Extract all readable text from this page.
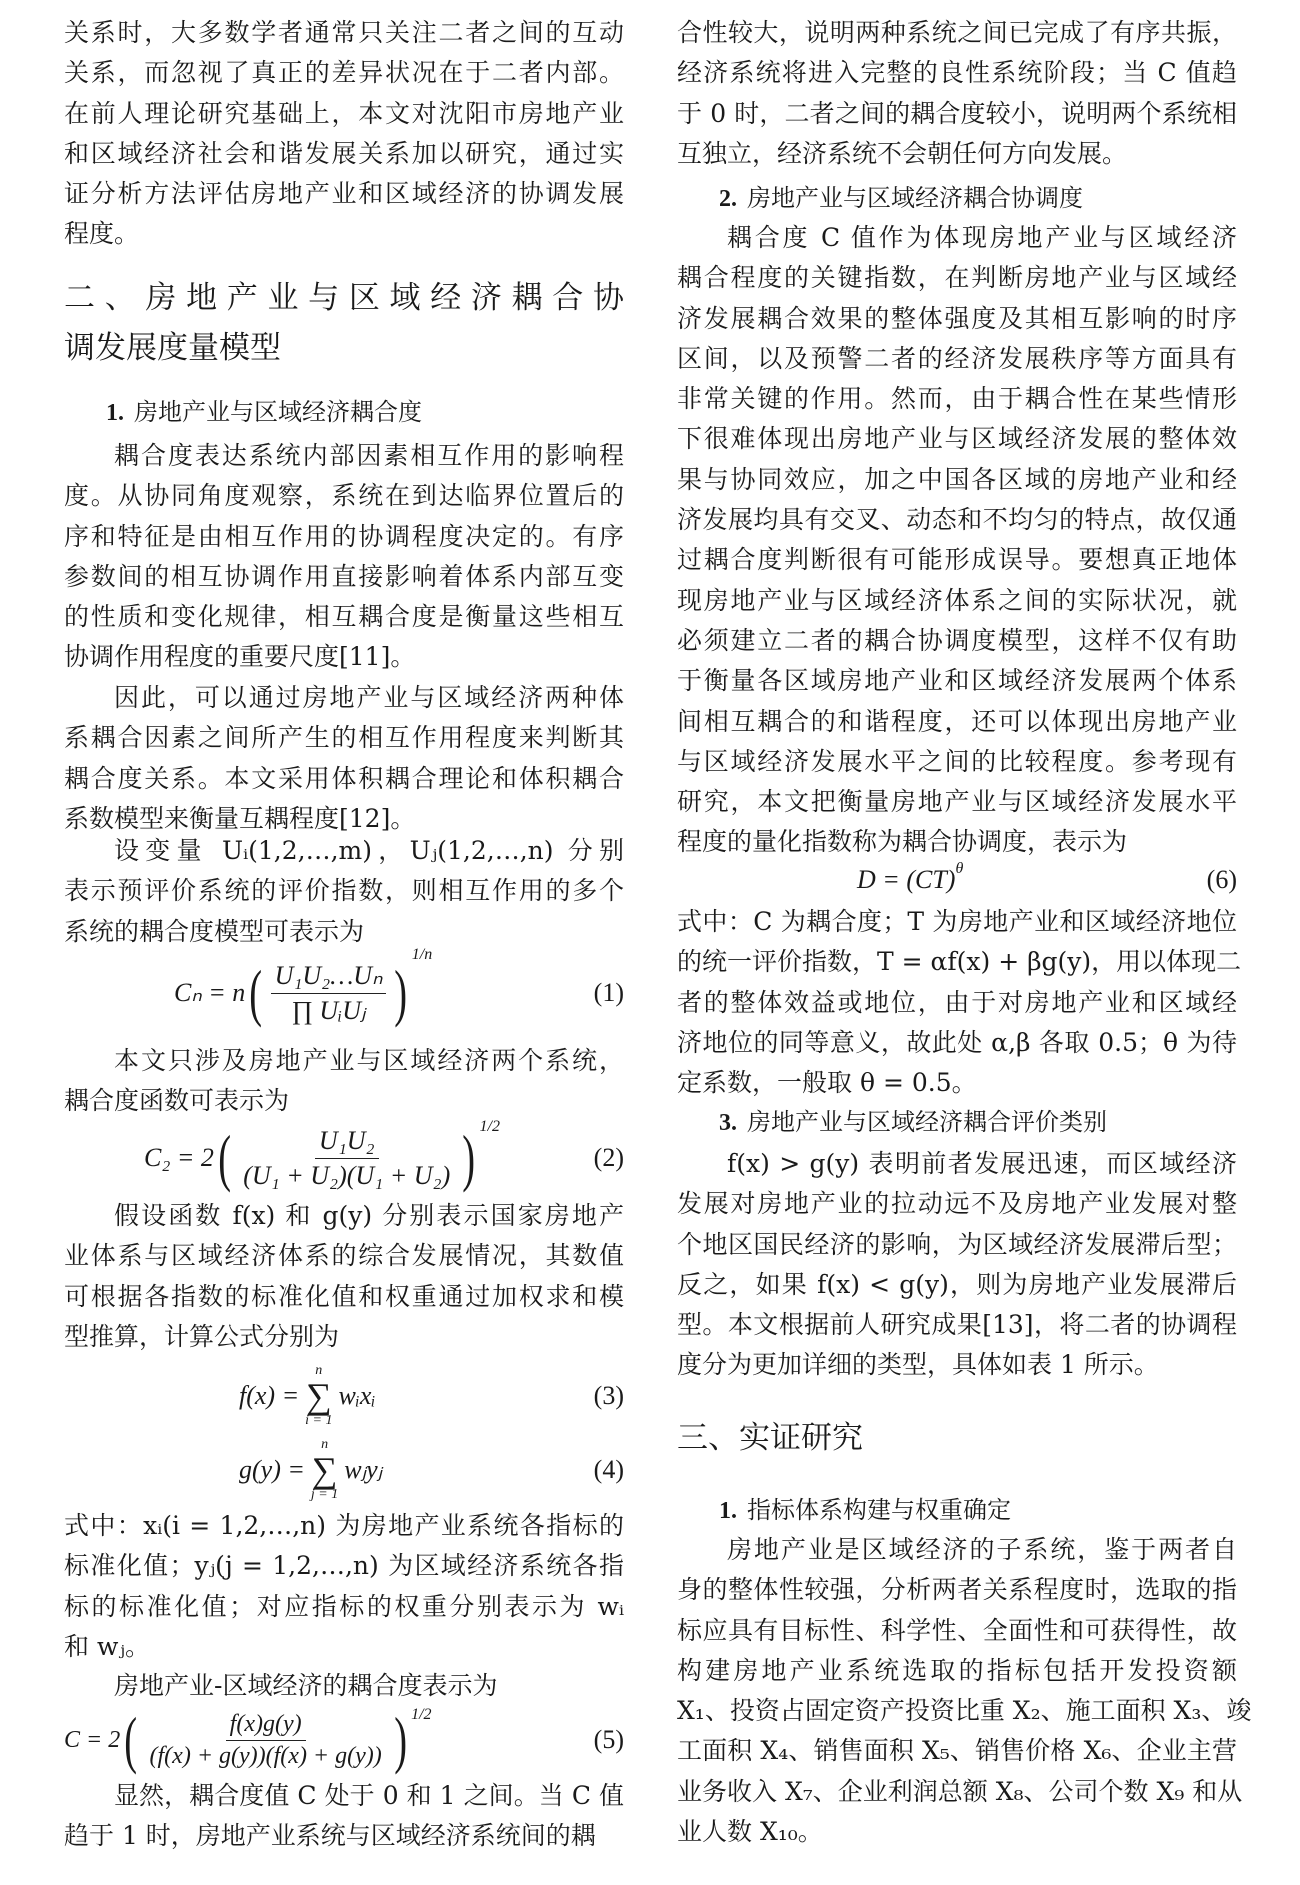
关系时，大多数学者通常只关注二者之间的互动
关系，而忽视了真正的差异状况在于二者内部。
在前人理论研究基础上，本文对沈阳市房地产业
和区域经济社会和谐发展关系加以研究，通过实
证分析方法评估房地产业和区域经济的协调发展
程度。
二、房地产业与区域经济耦合协
调发展度量模型
1. 房地产业与区域经济耦合度
耦合度表达系统内部因素相互作用的影响程
度。从协同角度观察，系统在到达临界位置后的
序和特征是由相互作用的协调程度决定的。有序
参数间的相互协调作用直接影响着体系内部互变
的性质和变化规律，相互耦合度是衡量这些相互
协调作用程度的重要尺度[11]。
因此，可以通过房地产业与区域经济两种体
系耦合因素之间所产生的相互作用程度来判断其
耦合度关系。本文采用体积耦合理论和体积耦合
系数模型来衡量互耦程度[12]。
设变量 Uᵢ(1,2,…,m)，Uⱼ(1,2,…,n) 分别
表示预评价系统的评价指数，则相互作用的多个
系统的耦合度模型可表示为
Cₙ = n ( $\frac{\text{U₁U₂…Uₙ}}{\text{∏ UᵢUⱼ}}$ )
1/n
(1)
本文只涉及房地产业与区域经济两个系统，
耦合度函数可表示为
C₂ = 2 ( $\frac{\text{U₁U₂}}{\text{(U₁ + U₂)(U₁ + U₂)}}$ ) 1/2
(2)
假设函数 f(x) 和 g(y) 分别表示国家房地产
业体系与区域经济体系的综合发展情况，其数值
可根据各指数的标准化值和权重通过加权求和模
型推算，计算公式分别为
f(x) =
n
∑
i = 1
wᵢxᵢ	(3)
g(y) =
n
∑
j = 1
wⱼyⱼ	(4)
式中：xᵢ(i = 1,2,…,n) 为房地产业系统各指标的
标准化值；yⱼ(j = 1,2,…,n) 为区域经济系统各指
标的标准化值；对应指标的权重分别表示为 wᵢ
和 wⱼ。
房地产业-区域经济的耦合度表示为
C = 2 ( $\frac{f(x)g(y)}{(f(x) + g(y))(f(x) + g(y))}$ ) 1/2
(5)
显然，耦合度值 C 处于 0 和 1 之间。当 C 值
趋于 1 时，房地产业系统与区域经济系统间的耦
合性较大，说明两种系统之间已完成了有序共振，
经济系统将进入完整的良性系统阶段；当 C 值趋
于 0 时，二者之间的耦合度较小，说明两个系统相
互独立，经济系统不会朝任何方向发展。
2. 房地产业与区域经济耦合协调度
耦合度 C 值作为体现房地产业与区域经济
耦合程度的关键指数，在判断房地产业与区域经
济发展耦合效果的整体强度及其相互影响的时序
区间，以及预警二者的经济发展秩序等方面具有
非常关键的作用。然而，由于耦合性在某些情形
下很难体现出房地产业与区域经济发展的整体效
果与协同效应，加之中国各区域的房地产业和经
济发展均具有交叉、动态和不均匀的特点，故仅通
过耦合度判断很有可能形成误导。要想真正地体
现房地产业与区域经济体系之间的实际状况，就
必须建立二者的耦合协调度模型，这样不仅有助
于衡量各区域房地产业和区域经济发展两个体系
间相互耦合的和谐程度，还可以体现出房地产业
与区域经济发展水平之间的比较程度。参考现有
研究，本文把衡量房地产业与区域经济发展水平
程度的量化指数称为耦合协调度，表示为
D = (CT) θ	(6)
式中：C 为耦合度；T 为房地产业和区域经济地位
的统一评价指数，T = αf(x) + βg(y)，用以体现二
者的整体效益或地位，由于对房地产业和区域经
济地位的同等意义，故此处 α,β 各取 0.5；θ 为待
定系数，一般取 θ = 0.5。
3. 房地产业与区域经济耦合评价类别
f(x) > g(y) 表明前者发展迅速，而区域经济
发展对房地产业的拉动远不及房地产业发展对整
个地区国民经济的影响，为区域经济发展滞后型；
反之，如果 f(x) < g(y)，则为房地产业发展滞后
型。本文根据前人研究成果[13]，将二者的协调程
度分为更加详细的类型，具体如表 1 所示。
三、实证研究
1. 指标体系构建与权重确定
房地产业是区域经济的子系统，鉴于两者自
身的整体性较强，分析两者关系程度时，选取的指
标应具有目标性、科学性、全面性和可获得性，故
构建房地产业系统选取的指标包括开发投资额
X₁、投资占固定资产投资比重 X₂、施工面积 X₃、竣
工面积 X₄、销售面积 X₅、销售价格 X₆、企业主营
业务收入 X₇、企业利润总额 X₈、公司个数 X₉ 和从
业人数 X₁₀。
